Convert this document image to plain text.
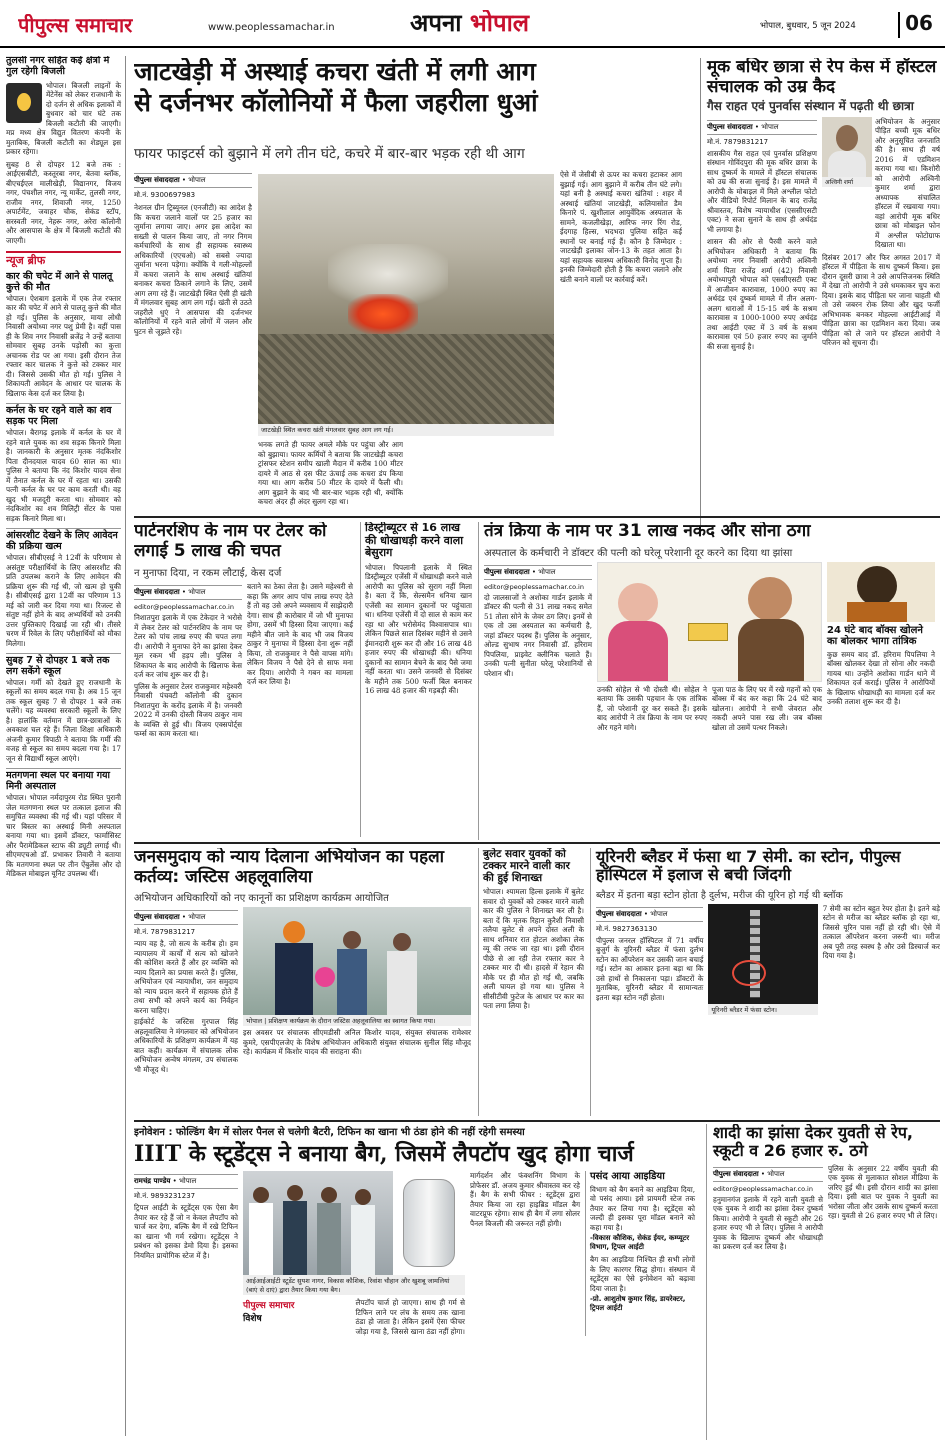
पीपुल्स समाचार	www.peoplessamachar.in	अपना भोपाल	भोपाल, बुधवार, 5 जून 2024	06
तुलसी नगर सहित कई क्षेत्रों में गुल रहेगी बिजली
भोपाल। बिजली लाइनों के मेंटेनेंस को लेकर राजधानी के दो दर्जन से अधिक इलाकों में बुधवार को चार घंटे तक बिजली कटौती की जाएगी। मप्र मध्य क्षेत्र विद्युत वितरण कंपनी के मुताबिक, बिजली कटौती का शेड्यूल इस प्रकार रहेगा।
सुबह 8 से दोपहर 12 बजे तक : आईएसबीटी, कस्तूरबा नगर, बेतवा ब्लॉक, बीएचईएल मालीखेड़ी, विद्यानगर, विजय नगर, पंचशील नगर, न्यू मार्केट, तुलसी नगर, राजीव नगर, शिवाजी नगर, 1250 अपार्टमेंट, जवाहर चौक, सेकंड स्टॉप, सरस्वती नगर, नेहरू नगर, अरेरा कॉलोनी और आसपास के क्षेत्र में बिजली कटौती की जाएगी।
न्यूज ब्रीफ
कार की चपेट में आने से पालतू कुत्ते की मौत
भोपाल। ऐशबाग इलाके में एक तेज रफ्तार कार की चपेट में आने से पालतू कुत्ते की मौत हो गई। पुलिस के अनुसार, माया लोधी निवासी अयोध्या नगर पशु प्रेमी है। वहीं पास ही के शिव नगर निवासी ब्रजेंद्र ने उन्हें बताया सोमवार सुबह उनके पड़ोसी का कुत्ता अचानक रोड पर आ गया। इसी दौरान तेज रफ्तार कार चालक ने कुत्ते को टक्कर मार दी। जिससे उसकी मौत हो गई। पुलिस ने शिकायती आवेदन के आधार पर चालक के खिलाफ केस दर्ज कर लिया है।
कर्नल के घर रहने वाले का शव सड़क पर मिला
भोपाल। बैरागढ़ इलाके में कर्नल के घर में रहने वाले युवक का शव सड़क किनारे मिला है। जानकारी के अनुसार मृतक नंदकिशोर पिता दीनदयाल यादव 60 साल का था। पुलिस ने बताया कि नंद किशोर यादव सेना में तैनात कर्नल के घर में रहता था। उसकी पत्नी कर्नल के घर पर काम करती थी। वह खुद भी मजदूरी करता था। सोमवार को नंदकिशोर का शव मिलिट्री सेंटर के पास सड़क किनारे मिला था।
आंसरशीट देखने के लिए आवेदन की प्रक्रिया खत्म
भोपाल। सीबीएसई ने 12वीं के परिणाम से असंतुष्ट परीक्षार्थियों के लिए आंसरशीट की प्रति उपलब्ध कराने के लिए आवेदन की प्रक्रिया शुरू की गई थी, जो खत्म हो चुकी है। सीबीएसई द्वारा 12वीं का परिणाम 13 मई को जारी कर दिया गया था। रिजल्ट से संतुष्ट नहीं होने के बाद अभ्यर्थियों को उनकी उत्तर पुस्तिकाएं दिखाई जा रही थी। तीसरे चरण में रिवेल के लिए परीक्षार्थियों को मौका मिलेगा।
सुबह 7 से दोपहर 1 बजे तक लग सकेंगे स्कूल
भोपाल। गर्मी को देखते हुए राजधानी के स्कूलों का समय बदल गया है। अब 15 जून तक स्कूल सुबह 7 से दोपहर 1 बजे तक चलेंगे। यह व्यवस्था सरकारी स्कूलों के लिए है। हालांकि वर्तमान में छात्र-छात्राओं के अवकाश चल रहे हैं। जिला शिक्षा अधिकारी अंजनी कुमार त्रिपाठी ने बताया कि गर्मी की वजह से स्कूल का समय बदला गया है। 17 जून से विद्यार्थी स्कूल आएंगे।
मतगणना स्थल पर बनाया गया मिनी अस्पताल
भोपाल। भोपाल नर्मदापुरम रोड स्थित पुरानी जेल मतगणना स्थल पर तत्काल इलाज की समुचित व्यवस्था की गई थी। यहां परिसर में चार बिस्तर का अस्थाई मिनी अस्पताल बनाया गया था। इसमें डॉक्टर, फार्मासिस्ट और पैरामेडिकल स्टाफ की ड्यूटी लगाई थी। सीएमएचओ डॉ. प्रभाकर तिवारी ने बताया कि मतगणना स्थल पर तीन ऐंबुलेंस और दो मेडिकल मोबाइल यूनिट उपलब्ध थीं।
जाटखेड़ी में अस्थाई कचरा खंती में लगी आग
से दर्जनभर कॉलोनियों में फैला जहरीला धुआं
फायर फाइटर्स को बुझाने में लगे तीन घंटे, कचरे में बार-बार भड़क रही थी आग
पीपुल्स संवाददाता • भोपाल
मो.नं. 9300697983
नेशनल ग्रीन ट्रिब्यूनल (एनजीटी) का आदेश है कि कचरा जलाने वालों पर 25 हजार का जुर्माना लगाया जाए। अगर इस आदेश का सख्ती से पालन किया जाए, तो नगर निगम कर्मचारियों के साथ ही सहायक स्वास्थ्य अधिकारियों (एएचओ) को सबसे ज्यादा जुर्माना भरना पड़ेगा। क्योंकि ये गली-मोहल्लों में कचरा जलाने के साथ अस्थाई खंतियां बनाकर कचरा ठिकाने लगाने के लिए, उसमें आग लगा रहे हैं। जाटखेड़ी स्थित ऐसी ही खंती में मंगलवार सुबह आग लग गई। खंती से उठते जहरीले धुएं ने आसपास की दर्जनभर कॉलोनियों में रहने वाले लोगों में जलन और घुटन से जूझते रहे।
जाटखेड़ी स्थित कचरा खंती मंगलवार सुबह आग लग गई।
भनक लगते ही फायर अमले मौके पर पहुंचा और आग को बुझाया। फायर कर्मियों ने बताया कि जाटखेड़ी कचरा ट्रांसफर स्टेशन समीप खाली मैदान में करीब 100 मीटर दायरे में आठ से दस फीट ऊंचाई तक कचरा डंप किया गया था। आग करीब 50 मीटर के दायरे में फैली थी। आग बुझाने के बाद भी बार-बार भड़क रही थी, क्योंकि कचरा अंदर ही अंदर सुलग रहा था।
ऐसे में जेसीबी से ऊपर का कचरा हटाकर आग बुझाई गई। आग बुझाने में करीब तीन घंटे लगे। यहां बनी है अस्थाई कचरा खंतियां : शहर में अस्थाई खंतियां जाटखेड़ी, कलियासोत डैम किनारे पं. खुशीलाल आयुर्वेदिक अस्पताल के सामने, कजलीखेड़ा, आरिफ नगर रिंग रोड, ईदगाह हिल्स, भदभदा पुलिया सहित कई स्थानों पर बनाई गई हैं। कौन है जिम्मेदार : जाटखेड़ी इलाका जोन-13 के तहत आता है। यहां सहायक स्वास्थ्य अधिकारी विनोद गुप्ता हैं। इनकी जिम्मेदारी होती है कि कचरा जलाने और खंती बनाने वालों पर कार्रवाई करें।
मूक बधिर छात्रा से रेप केस में हॉस्टल संचालक को उम्र कैद
गैस राहत एवं पुनर्वास संस्थान में पढ़ती थी छात्रा
पीपुल्स संवाददाता • भोपाल
मो.नं. 7879831217
शासकीय गैस राहत एवं पुनर्वास प्रशिक्षण संस्थान गोविंदपुरा की मूक बधिर छात्रा के साथ दुष्कर्म के मामले में हॉस्टल संचालक को उम्र की सजा सुनाई है। इस मामले में आरोपी के मोबाइल में मिले अश्लील फोटो और वीडियो रिपोर्ट मिलान के बाद राजेंद्र श्रीवास्तव, विशेष न्यायाधीश (एससीएसटी एक्ट) ने सजा सुनाने के साथ ही अर्थदंड भी लगाया है।
शासन की ओर से पैरवी करने वाले अभियोजन अधिकारी ने बताया कि अयोध्या नगर निवासी आरोपी अश्विनी शर्मा पिता राजेंद्र शर्मा (42) निवासी अयोध्यापुरी भोपाल को एससीएसटी एक्ट में आजीवन कारावास, 1000 रुपए का अर्थदंड एवं दुष्कर्म मामले में तीन अलग-अलग धाराओं में 15-15 वर्ष के सश्रम कारावास व 1000-1000 रुपए अर्थदंड तथा आईटी एक्ट में 3 वर्ष के सश्रम कारावास एवं 50 हजार रुपए का जुर्माने की सजा सुनाई है।
अश्विनी शर्मा
अभियोजन के अनुसार पीड़ित बच्ची मूक बधिर और अनुसूचित जनजाति की है। साथ ही वर्ष 2016 में एडमिशन कराया गया था। किशोरी को आरोपी अश्विनी कुमार शर्मा द्वारा अध्यापक संचालित हॉस्टल में रखवाया गया। वहां आरोपी मूक बधिर छात्रा को मोबाइल फोन में अश्लील फोटोग्राफ दिखाता था।
दिसंबर 2017 और फिर अगस्त 2017 में हॉस्टल में पीड़िता के साथ दुष्कर्म किया। इस दौरान दूसरी छात्रा ने उसे आपत्तिजनक स्थिति में देखा तो आरोपी ने उसे धमकाकर चुप करा दिया। इसके बाद पीड़िता घर जाना चाहती थी तो उसे जबरन रोक लिया और खुद फर्जी अभिभावक बनकर मोहल्ला आईटीआई में पीड़िता छात्रा का एडमिशन करा दिया। जब पीड़िता को ले जाने पर हॉस्टल आरोपी ने परिजन को सूचना दी।
पार्टनरशिप के नाम पर टेलर को लगाई 5 लाख की चपत
न मुनाफा दिया, न रकम लौटाई, केस दर्ज
पीपुल्स संवाददाता • भोपाल
editor@peoplessamachar.co.in
निशातपुरा इलाके में एक टेकेदार ने भरोसे में लेकर टेलर को पार्टनरशिप के नाम पर टेलर को पांच लाख रुपए की चपत लगा दी। आरोपी ने मुनाफा देने का झांसा देकर मूल रकम भी हड़प ली। पुलिस ने शिकायत के बाद आरोपी के खिलाफ केस दर्ज कर जांच शुरू कर दी है।
पुलिस के अनुसार टेलर राजकुमार महेश्वरी निवासी पंचवटी कॉलोनी की दुकान निशातपुरा के करोंद इलाके में है। जनवरी 2022 में उनकी दोस्ती विजय ठाकुर नाम के व्यक्ति से हुई थी। विजय एक्सपोर्ट्स फर्म्स का काम करता था।
बताने का ठेका लेता है। उसने महेश्वरी से कहा कि अगर आप पांच लाख रुपए देते हैं तो वह उसे अपने व्यवसाय में साझेदारी देगा। साथ ही कारोबार में जो भी मुनाफा होगा, उसमें भी हिस्सा दिया जाएगा। कई महीने बीत जाने के बाद भी जब विजय ठाकुर ने मुनाफा में हिस्सा देना शुरू नहीं किया, तो राजकुमार ने पैसे वापस मांगे। लेकिन विजय ने पैसे देने से साफ मना कर दिया। आरोपी ने गबन का मामला दर्ज कर लिया है।
डिस्ट्रीब्यूटर से 16 लाख की धोखाधड़ी करने वाला बेसुराग
भोपाल। पिपलानी इलाके में स्थित डिस्ट्रीब्यूटर एजेंसी में धोखाधड़ी करने वाले आरोपी का पुलिस को सुराग नहीं मिला है। बता दें कि, सेल्समैन धनिया खान एजेंसी का सामान दुकानों पर पहुंचाता था। धनिया एजेंसी में दो साल से काम कर रहा था और भरोसेमंद विश्वासपात्र था। लेकिन पिछले साल दिसंबर महीने से उसने ईमानदारी शुरू कर दी और 16 लाख 48 हजार रुपए की धोखाधड़ी की। धनिया दुकानों का सामान बेचने के बाद पैसे जमा नहीं करता था। उसने जनवरी से दिसंबर के महीने तक 500 फर्जी बिल बनाकर 16 लाख 48 हजार की गड़बड़ी की।
तंत्र क्रिया के नाम पर 31 लाख नकद और सोना ठगा
अस्पताल के कर्मचारी ने डॉक्टर की पत्नी को घरेलू परेशानी दूर करने का दिया था झांसा
पीपुल्स संवाददाता • भोपाल
editor@peoplessamachar.co.in
दो जालसाजों ने अशोका गार्डन इलाके में डॉक्टर की पत्नी से 31 लाख नकद समेत 51 तोला सोने के जेवर ठग लिए। इनमें से एक तो उस अस्पताल का कर्मचारी है, जहां डॉक्टर पदस्थ हैं। पुलिस के अनुसार, ओल्ड सुभाष नगर निवासी डॉ. हरिराम पिपलिया, प्राइवेट क्लीनिक चलाते हैं। उनकी पत्नी सुनीता घरेलू परेशानियों से परेशान थी।
उनकी सोहेल से भी दोस्ती थी। सोहेल ने बताया कि उसकी पहचान के एक तांत्रिक हैं, जो परेशानी दूर कर सकते हैं। इसके बाद आरोपी ने तंत्र क्रिया के नाम पर रुपए और गहने मांगे।
पूजा पाठ के लिए घर में रखे गहनों को एक बॉक्स में बंद कर कहा कि 24 घंटे बाद खोलना। आरोपी ने सभी जेवरात और नकदी अपने पास रख ली। जब बॉक्स खोला तो उसमें पत्थर निकले।
24 घंटे बाद बॉक्स खोलने का बोलकर भागा तांत्रिक
कुछ समय बाद डॉ. हरिराम पिपलिया ने बॉक्स खोलकर देखा तो सोना और नकदी गायब था। उन्होंने अशोका गार्डन थाने में शिकायत दर्ज कराई। पुलिस ने आरोपियों के खिलाफ धोखाधड़ी का मामला दर्ज कर उनकी तलाश शुरू कर दी है।
जनसमुदाय को न्याय दिलाना अभियोजन का पहला कर्तव्य: जस्टिस अहलूवालिया
अभियोजन अधिकारियों को नए कानूनों का प्रशिक्षण कार्यक्रम आयोजित
पीपुल्स संवाददाता • भोपाल
मो.नं. 7879831217
न्याय वह है, जो सत्य के करीब हो। हम न्यायालय में कार्यों में सत्य को खोजने की कोशिश करते हैं और हर व्यक्ति को न्याय दिलाने का प्रयास करते हैं। पुलिस, अभियोजन एवं न्यायाधीश, जन समुदाय को न्याय प्रदान करने में सहायक होते हैं तथा सभी को अपने कार्य का निर्वहन करना चाहिए।
हाईकोर्ट के जस्टिस गुरपाल सिंह अहलूवालिया ने मंगलवार को अभियोजन अधिकारियों के प्रशिक्षण कार्यक्रम में यह बात कही। कार्यक्रम में संचालक लोक अभियोजन अन्वेष मंगलम, उप संचालक भी मौजूद थे।
भोपाल | प्रशिक्षण कार्यक्रम के दौरान जस्टिस अहलूवालिया का स्वागत किया गया।
इस अवसर पर संचालक सीएमडीसी अनिल किशोर यादव, संयुक्त संचालक रामेश्वर कुमरे, एसपीएलजेए के विशेष अभियोजन अधिकारी संयुक्त संचालक सुनील सिंह मौजूद रहे। कार्यक्रम में किशोर यादव की सराहना की।
बुलेट सवार युवकों को टक्कर मारने वाली कार की हुई शिनाख्त
भोपाल। श्यामला हिल्स इलाके में बुलेट सवार दो युवकों को टक्कर मारने वाली कार की पुलिस ने शिनाख्त कर ली है। बता दें कि मृतक रिहान कुरैशी निवासी तलैया बुलेट से अपने दोस्त अली के साथ शनिवार रात होटल अशोका लेक व्यू की तरफ जा रहा था। इसी दौरान पीछे से आ रही तेज रफ्तार कार ने टक्कर मार दी थी। हादसे में रेहान की मौके पर ही मौत हो गई थी, जबकि अली घायल हो गया था। पुलिस ने सीसीटीवी फुटेज के आधार पर कार का पता लगा लिया है।
यूरिनरी ब्लैडर में फंसा था 7 सेमी. का स्टोन, पीपुल्स हॉस्पिटल में इलाज से बची जिंदगी
ब्लैडर में इतना बड़ा स्टोन होता है दुर्लभ, मरीज की यूरिन हो गई थी ब्लॉक
पीपुल्स संवाददाता • भोपाल
मो.नं. 9827363130
पीपुल्स जनरल हॉस्पिटल में 71 वर्षीय बुजुर्ग के यूरिनरी ब्लैडर में फंसा दुर्लभ स्टोन का ऑपरेशन कर उसकी जान बचाई गई। स्टोन का आकार इतना बड़ा था कि उसे हाथों से निकालना पड़ा। डॉक्टरों के मुताबिक, यूरिनरी ब्लैडर में सामान्यतः इतना बड़ा स्टोन नहीं होता।
यूरिनरी ब्लैडर में फंसा स्टोन।
7 सेमी का स्टोन बहुत रेयर होता है। इतने बड़े स्टोन से मरीज का ब्लैडर ब्लॉक हो रहा था, जिससे यूरिन पास नहीं हो रही थी। ऐसे में तत्काल ऑपरेशन करना जरूरी था। मरीज अब पूरी तरह स्वस्थ है और उसे डिस्चार्ज कर दिया गया है।
इनोवेशन : फोल्डिंग बैग में सोलर पैनल से चलेगी बैटरी, टिफिन का खाना भी ठंडा होने की नहीं रहेगी समस्या
IIIT के स्टूडेंट्स ने बनाया बैग, जिसमें लैपटॉप खुद होगा चार्ज
रामचंद्र पाण्डेय • भोपाल
मो.नं. 9893231237
ट्रिपल आईटी के स्टूडेंट्स एक ऐसा बैग तैयार कर रहे हैं जो न केवल लैपटॉप को चार्ज कर देगा, बल्कि बैग में रखे टिफिन का खाना भी गर्म रखेगा। स्टूडेंट्स ने प्रबंधन को इसका डेमो दिया है। इसका नियमित प्रायोगिक स्टेज में है।
आईआईआईटी स्टूडेंट सुयश नागर, विकास कौशिक, रिवांश चौहान और खुशबू जामलियां (बाएं से दाएं) द्वारा तैयार किया गया बैग।
पीपुल्स समाचार
विशेष
लैपटॉप चार्ज हो जाएगा। साथ ही गर्म से टिफिन लाने पर लंच के समय तक खाना ठंडा हो जाता है। लेकिन इसमें ऐसा फीचर जोड़ा गया है, जिससे खाना ठंडा नहीं होगा।
मार्गदर्शन और फंक्शनिंग विभाग के प्रोफेसर डॉ. अजय कुमार श्रीवास्तव कर रहे हैं। बैग के सभी फीचर : स्टूडेंट्स द्वारा तैयार किया जा रहा हाइब्रिड मॉडल बैग वाटरप्रूफ रहेगा। साथ ही बैग में लगा सोलर पैनल बिजली की जरूरत नहीं होगी।
पसंद आया आइडिया
विभाग को बैग बनाने का आइडिया दिया, वो पसंद आया। इसे प्रायमरी स्टेज तक तैयार कर लिया गया है। स्टूडेंट्स को जल्दी ही इसका पूरा मॉडल बनाने को कहा गया है।
-विकास कौशिक, सेकंड ईयर, कम्प्यूटर विभाग, ट्रिपल आईटी
बैग का आइडिया निश्चित ही सभी लोगों के लिए कारगर सिद्ध होगा। संस्थान में स्टूडेंट्स का ऐसे इनोवेशन को बढ़ावा दिया जाता है।
-प्रो. आशुतोष कुमार सिंह, डायरेक्टर, ट्रिपल आईटी
शादी का झांसा देकर युवती से रेप, स्कूटी व 26 हजार रु. ठगे
पीपुल्स संवाददाता • भोपाल
editor@peoplessamachar.co.in
हनुमानगंज इलाके में रहने वाली युवती से एक युवक ने शादी का झांसा देकर दुष्कर्म किया। आरोपी ने युवती से स्कूटी और 26 हजार रुपए भी ले लिए। पुलिस ने आरोपी युवक के खिलाफ दुष्कर्म और धोखाधड़ी का प्रकरण दर्ज कर लिया है।
पुलिस के अनुसार 22 वर्षीय युवती की एक युवक से मुलाकात सोशल मीडिया के जरिए हुई थी। इसी दौरान शादी का झांसा दिया। इसी बात पर युवक ने युवती का भरोसा जीता और उसके साथ दुष्कर्म करता रहा। युवती से 26 हजार रुपए भी ले लिए।
